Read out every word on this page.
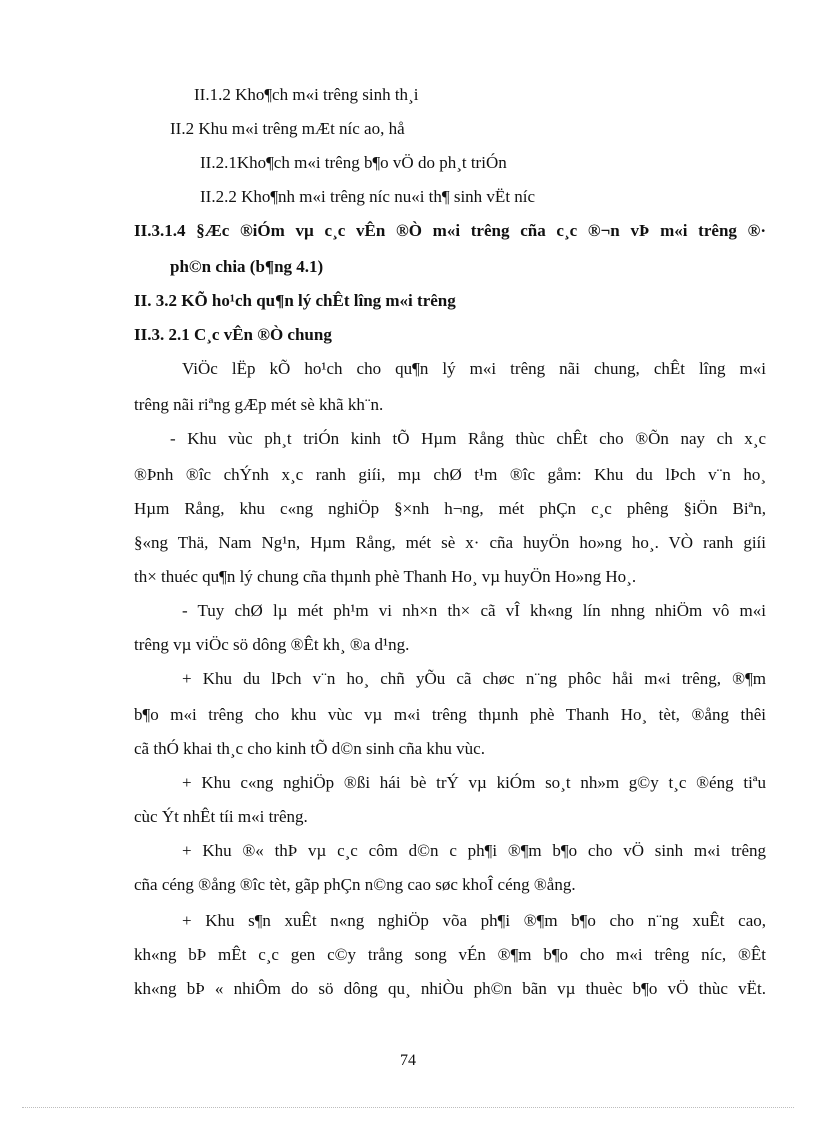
II.1.2 Kho¶ch m«i trêng sinh th¸i
II.2 Khu m«i trêng mÆt níc ao, hå
II.2.1Kho¶ch m«i trêng b¶o vÖ do ph¸t triÓn
II.2.2 Kho¶nh m«i trêng níc nu«i th¶ sinh vËt níc
II.3.1.4 §Æc ®iÓm vµ c¸c vÊn ®Ò m«i trêng cña c¸c ®¬n vÞ m«i trêng ®·
ph©n chia (b¶ng 4.1)
II. 3.2 KÕ ho¹ch qu¶n lý chÊt lîng m«i trêng
II.3. 2.1 C¸c vÊn ®Ò chung
ViÖc lËp kÕ ho¹ch cho qu¶n lý m«i trêng nãi chung, chÊt lîng m«i
trêng nãi riªng gÆp mét sè khã kh¨n.
- Khu vùc ph¸t triÓn kinh tÕ Hµm Rång thùc chÊt cho ®Õn nay ch x¸c
®Þnh ®îc chÝnh x¸c ranh giíi, mµ chØ t¹m ®îc gåm: Khu du lÞch v¨n ho¸
Hµm Rång, khu c«ng nghiÖp §×nh h¬ng, mét phÇn c¸c phêng §iÖn Biªn,
§«ng Thä, Nam Ng¹n, Hµm Rång, mét sè x· cña huyÖn ho»ng ho¸. VÒ ranh giíi
th× thuéc qu¶n lý chung cña thµnh phè Thanh Ho¸ vµ huyÖn Ho»ng Ho¸.
- Tuy chØ lµ mét ph¹m vi nh×n th× cã vÎ kh«ng lín nhng nhiÖm vô m«i
trêng vµ viÖc sö dông ®Êt kh¸ ®a d¹ng.
+ Khu du lÞch v¨n ho¸ chñ yÕu cã chøc n¨ng phôc håi m«i trêng, ®¶m
b¶o m«i trêng cho khu vùc vµ m«i trêng thµnh phè Thanh Ho¸ tèt, ®ång thêi
cã thÓ khai th¸c cho kinh tÕ d©n sinh cña khu vùc.
+ Khu c«ng nghiÖp ®ßi hái bè trÝ vµ kiÓm so¸t nh»m g©y t¸c ®éng tiªu
cùc Ýt nhÊt tíi m«i trêng.
+ Khu ®« thÞ vµ c¸c côm d©n c ph¶i ®¶m b¶o cho vÖ sinh m«i trêng
cña céng ®ång ®îc tèt, gãp phÇn n©ng cao søc khoÎ céng ®ång.
+ Khu s¶n xuÊt n«ng nghiÖp võa ph¶i ®¶m b¶o cho n¨ng xuÊt cao,
kh«ng bÞ mÊt c¸c gen c©y trång song vÉn ®¶m b¶o cho m«i trêng níc, ®Êt
kh«ng bÞ « nhiÔm do sö dông qu¸ nhiÒu ph©n bãn vµ thuèc b¶o vÖ thùc vËt.
74
